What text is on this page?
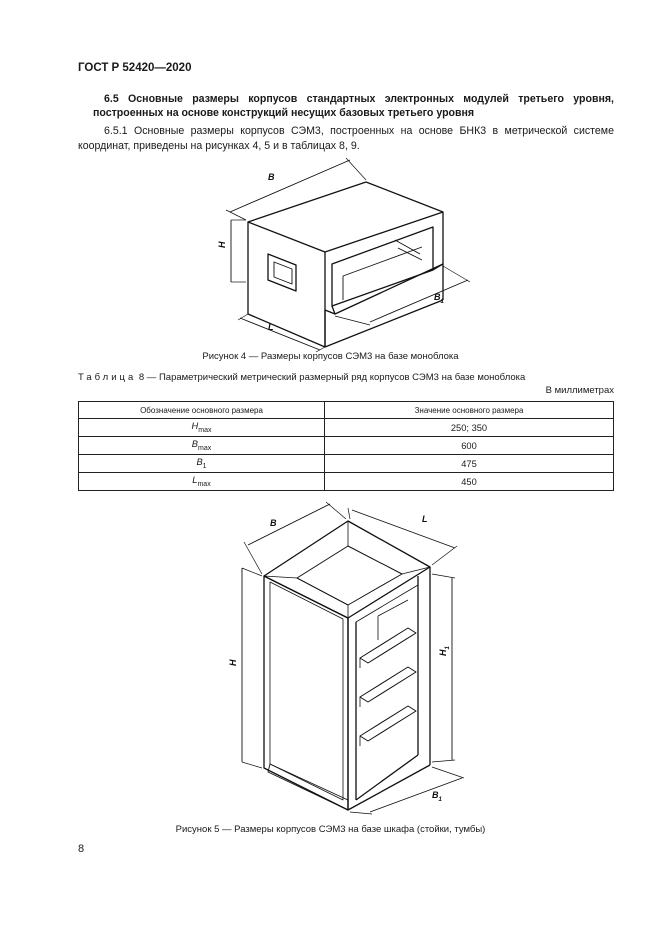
ГОСТ Р 52420—2020
6.5 Основные размеры корпусов стандартных электронных модулей третьего уровня,
построенных на основе конструкций несущих базовых третьего уровня
6.5.1 Основные размеры корпусов СЭМ3, построенных на основе БНК3 в метрической системе
координат, приведены на рисунках 4, 5 и в таблицах 8, 9.
B
H
L
$B_1$
Рисунок 4 — Размеры корпусов СЭМ3 на базе моноблока
Таблица 8 — Параметрический метрический размерный ряд корпусов СЭМ3 на базе моноблока
В миллиметрах
Обозначение основного размера	Значение основного размера
$H_{max}$	250; 350
$B_{max}$	600
$B_1$	475
$L_{max}$	450
B	L
H
$H_1$
$B_1$
Рисунок 5 — Размеры корпусов СЭМ3 на базе шкафа (стойки, тумбы)
8
